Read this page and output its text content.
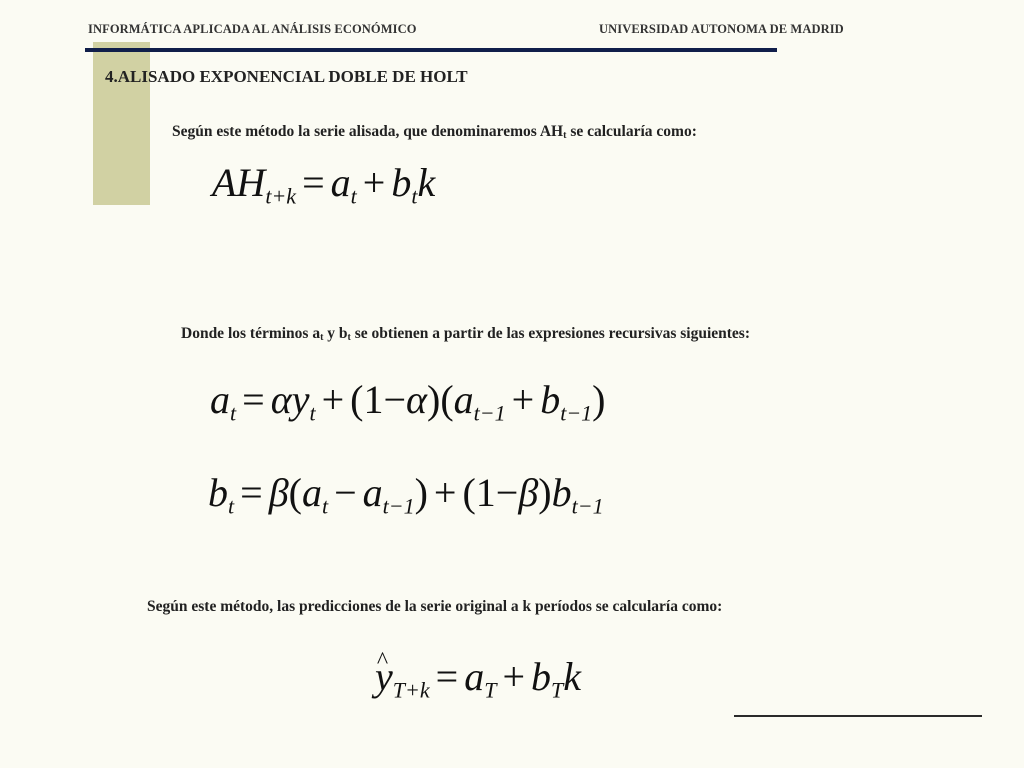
INFORMÁTICA APLICADA AL ANÁLISIS ECONÓMICO	UNIVERSIDAD AUTONOMA DE MADRID
4.ALISADO EXPONENCIAL DOBLE DE HOLT
Según este método la serie alisada, que denominaremos $AH_t$ se calcularía como:
$AH_{t+k} = a_t + b_tk$
Donde los términos $a_t$ y $b_t$ se obtienen a partir de las expresiones recursivas siguientes:
$a_t = \alpha y_t + (1-\alpha)(a_{t-1} + b_{t-1})$
$b_t = \beta(a_t - a_{t-1}) + (1-\beta)b_{t-1}$
Según este método, las predicciones de la serie original a k períodos se calcularía como:
^ $y_{T+k} = a_T + b_Tk$
